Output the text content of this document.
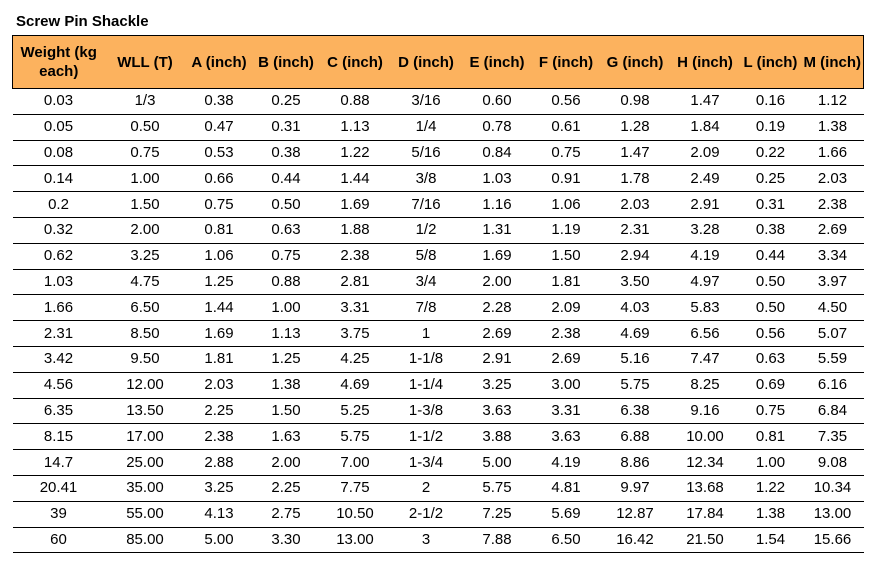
Screw Pin Shackle
Weight (kg each)	WLL (T)	A (inch)	B (inch)	C (inch)	D (inch)	E (inch)	F (inch)	G (inch)	H (inch)	L (inch)	M (inch)
0.03	1/3	0.38	0.25	0.88	3/16	0.60	0.56	0.98	1.47	0.16	1.12
0.05	0.50	0.47	0.31	1.13	1/4	0.78	0.61	1.28	1.84	0.19	1.38
0.08	0.75	0.53	0.38	1.22	5/16	0.84	0.75	1.47	2.09	0.22	1.66
0.14	1.00	0.66	0.44	1.44	3/8	1.03	0.91	1.78	2.49	0.25	2.03
0.2	1.50	0.75	0.50	1.69	7/16	1.16	1.06	2.03	2.91	0.31	2.38
0.32	2.00	0.81	0.63	1.88	1/2	1.31	1.19	2.31	3.28	0.38	2.69
0.62	3.25	1.06	0.75	2.38	5/8	1.69	1.50	2.94	4.19	0.44	3.34
1.03	4.75	1.25	0.88	2.81	3/4	2.00	1.81	3.50	4.97	0.50	3.97
1.66	6.50	1.44	1.00	3.31	7/8	2.28	2.09	4.03	5.83	0.50	4.50
2.31	8.50	1.69	1.13	3.75	1	2.69	2.38	4.69	6.56	0.56	5.07
3.42	9.50	1.81	1.25	4.25	1-1/8	2.91	2.69	5.16	7.47	0.63	5.59
4.56	12.00	2.03	1.38	4.69	1-1/4	3.25	3.00	5.75	8.25	0.69	6.16
6.35	13.50	2.25	1.50	5.25	1-3/8	3.63	3.31	6.38	9.16	0.75	6.84
8.15	17.00	2.38	1.63	5.75	1-1/2	3.88	3.63	6.88	10.00	0.81	7.35
14.7	25.00	2.88	2.00	7.00	1-3/4	5.00	4.19	8.86	12.34	1.00	9.08
20.41	35.00	3.25	2.25	7.75	2	5.75	4.81	9.97	13.68	1.22	10.34
39	55.00	4.13	2.75	10.50	2-1/2	7.25	5.69	12.87	17.84	1.38	13.00
60	85.00	5.00	3.30	13.00	3	7.88	6.50	16.42	21.50	1.54	15.66
